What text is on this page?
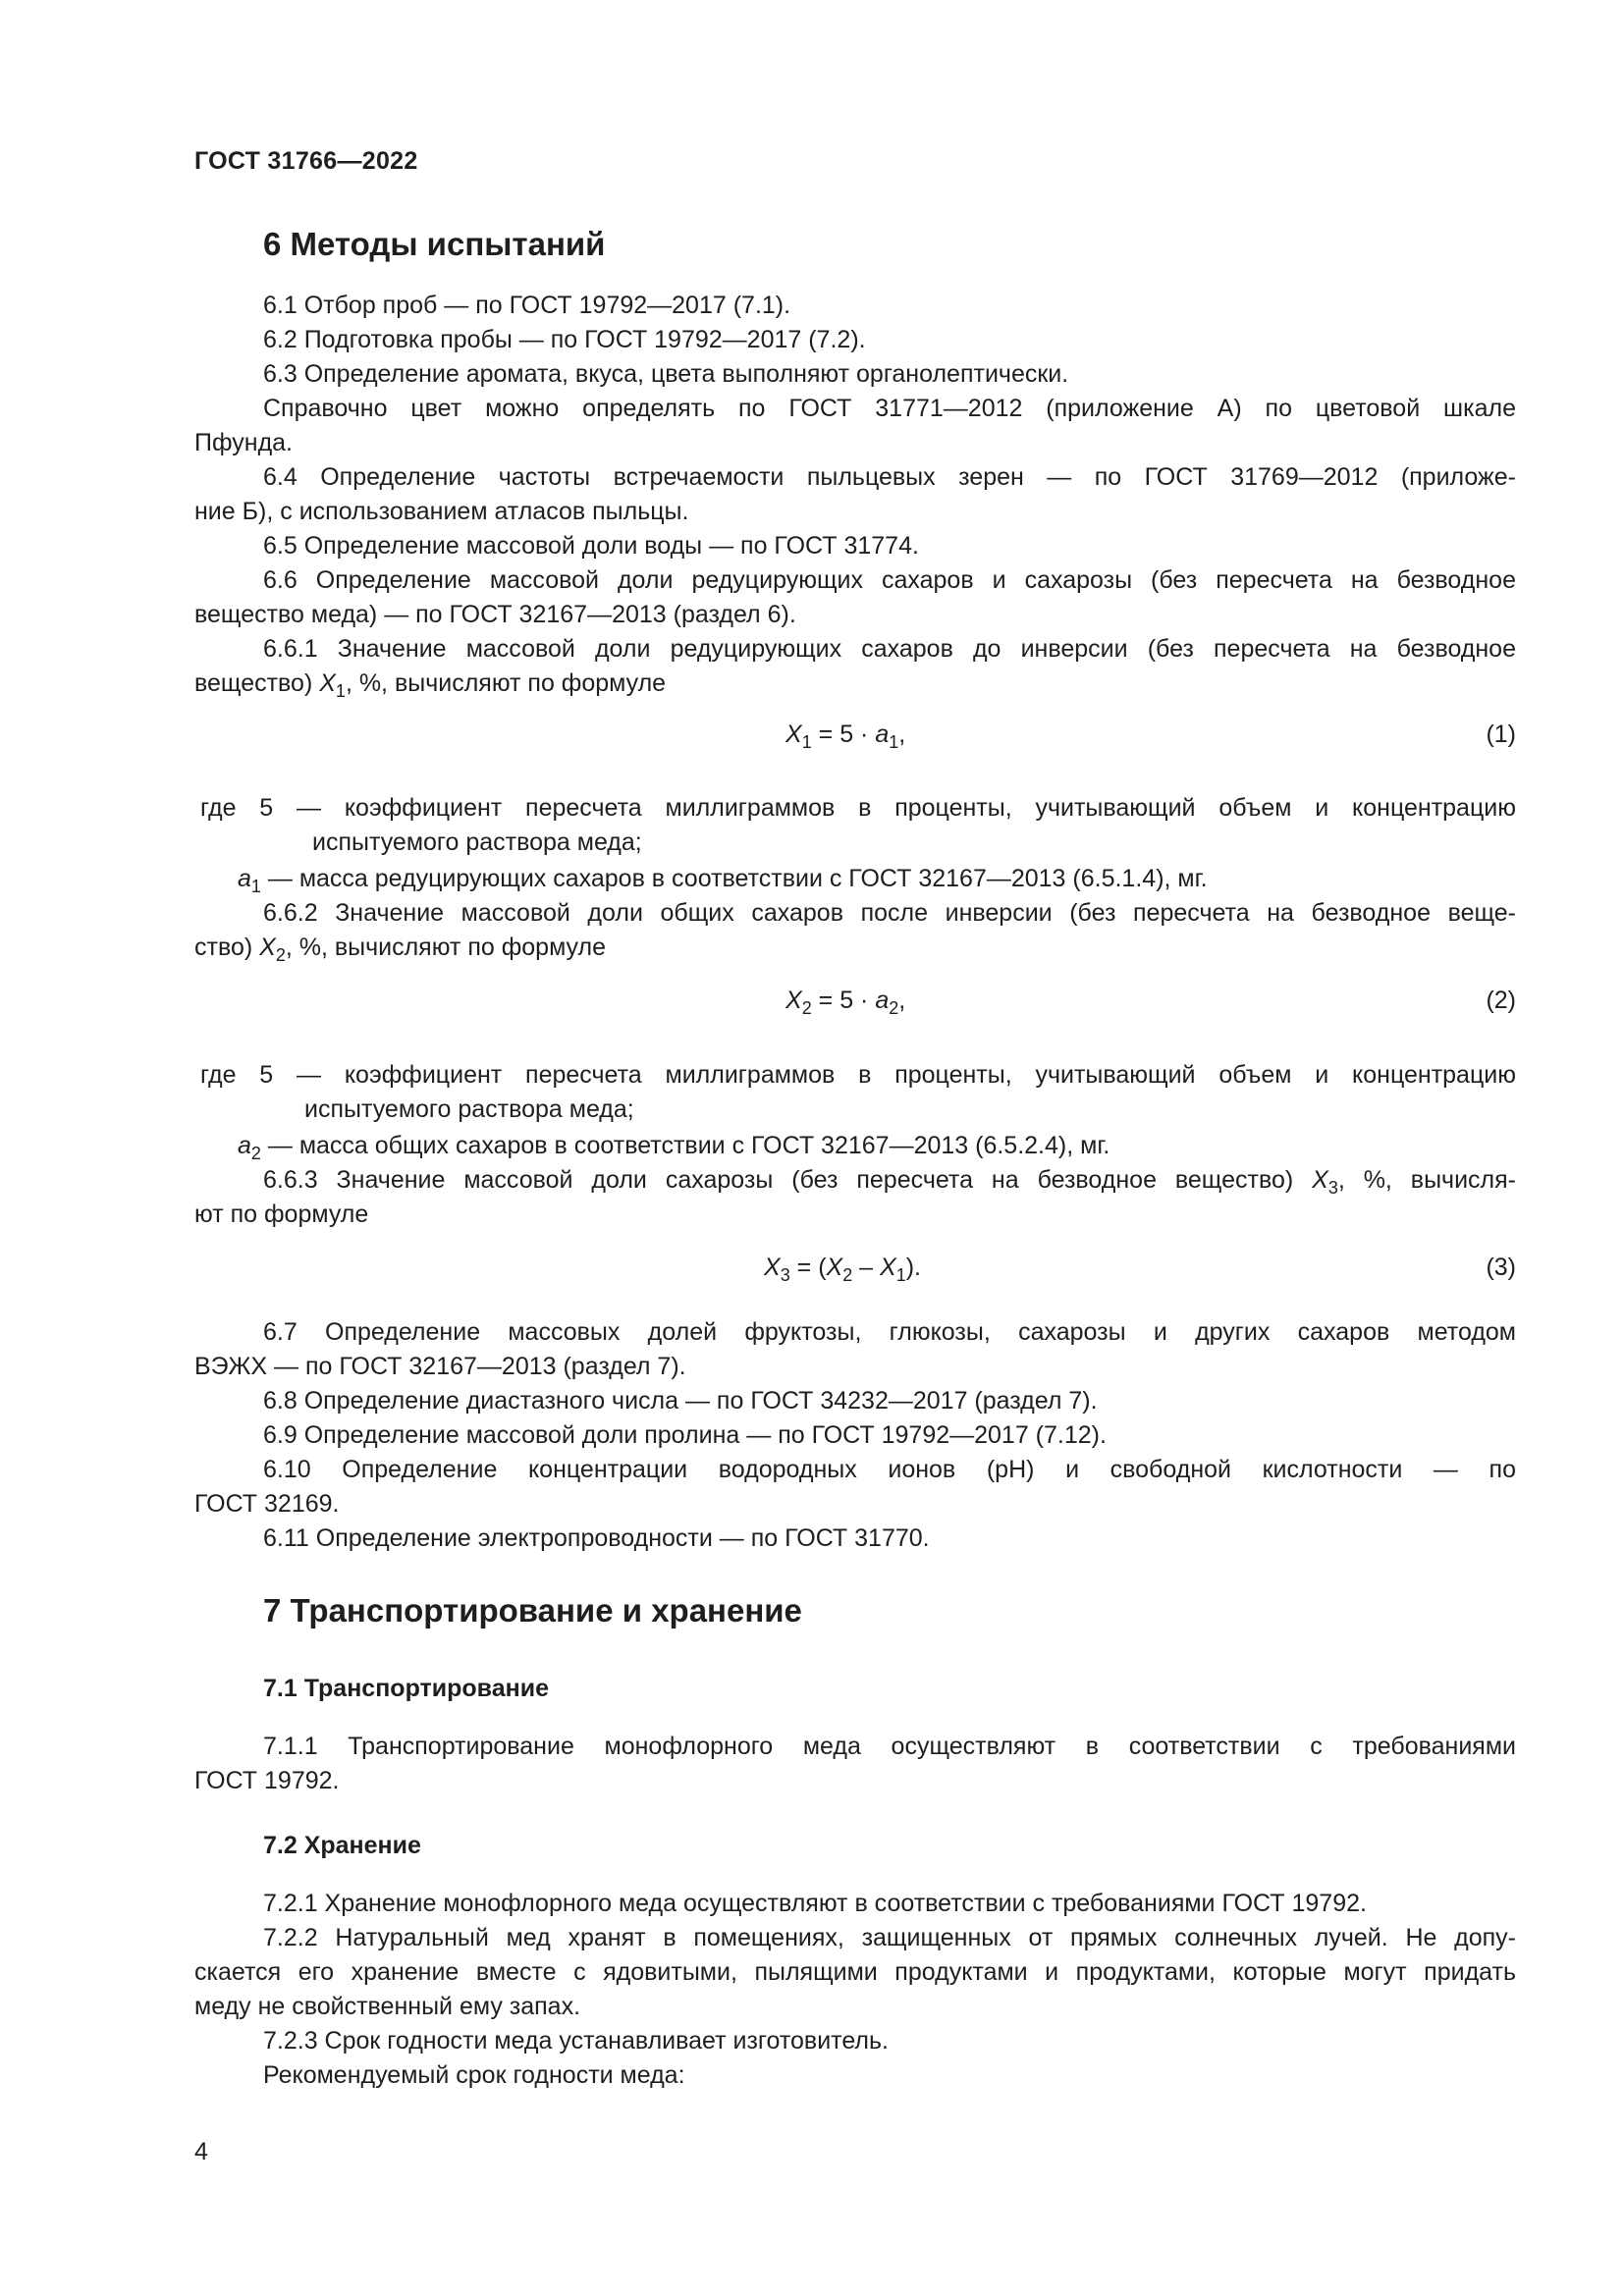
ГОСТ 31766—2022
6 Методы испытаний
6.1 Отбор проб — по ГОСТ 19792—2017 (7.1).
6.2 Подготовка пробы — по ГОСТ 19792—2017 (7.2).
6.3 Определение аромата, вкуса, цвета выполняют органолептически.
Справочно цвет можно определять по ГОСТ 31771—2012 (приложение А) по цветовой шкале
Пфунда.
6.4 Определение частоты встречаемости пыльцевых зерен — по ГОСТ 31769—2012 (приложе-
ние Б), с использованием атласов пыльцы.
6.5 Определение массовой доли воды — по ГОСТ 31774.
6.6 Определение массовой доли редуцирующих сахаров и сахарозы (без пересчета на безводное
вещество меда) — по ГОСТ 32167—2013 (раздел 6).
6.6.1 Значение массовой доли редуцирующих сахаров до инверсии (без пересчета на безводное
вещество) $X_1$, %, вычисляют по формуле
$X_1 = 5 \cdot a_1$,	(1)
где 5 — коэффициент пересчета миллиграммов в проценты, учитывающий объем и концентрацию
испытуемого раствора меда;
$a_1$ — масса редуцирующих сахаров в соответствии с ГОСТ 32167—2013 (6.5.1.4), мг.
6.6.2 Значение массовой доли общих сахаров после инверсии (без пересчета на безводное веще-
ство) $X_2$, %, вычисляют по формуле
$X_2 = 5 \cdot a_2$,	(2)
где 5 — коэффициент пересчета миллиграммов в проценты, учитывающий объем и концентрацию
испытуемого раствора меда;
$a_2$ — масса общих сахаров в соответствии с ГОСТ 32167—2013 (6.5.2.4), мг.
6.6.3 Значение массовой доли сахарозы (без пересчета на безводное вещество) $X_3$, %, вычисля-
ют по формуле
$X_3 = (X_2 - X_1)$.	(3)
6.7 Определение массовых долей фруктозы, глюкозы, сахарозы и других сахаров методом
ВЭЖХ — по ГОСТ 32167—2013 (раздел 7).
6.8 Определение диастазного числа — по ГОСТ 34232—2017 (раздел 7).
6.9 Определение массовой доли пролина — по ГОСТ 19792—2017 (7.12).
6.10 Определение концентрации водородных ионов (pH) и свободной кислотности — по
ГОСТ 32169.
6.11 Определение электропроводности — по ГОСТ 31770.
7 Транспортирование и хранение
7.1 Транспортирование
7.1.1 Транспортирование монофлорного меда осуществляют в соответствии с требованиями
ГОСТ 19792.
7.2 Хранение
7.2.1 Хранение монофлорного меда осуществляют в соответствии с требованиями ГОСТ 19792.
7.2.2 Натуральный мед хранят в помещениях, защищенных от прямых солнечных лучей. Не допу-
скается его хранение вместе с ядовитыми, пылящими продуктами и продуктами, которые могут придать
меду не свойственный ему запах.
7.2.3 Срок годности меда устанавливает изготовитель.
Рекомендуемый срок годности меда:
4
